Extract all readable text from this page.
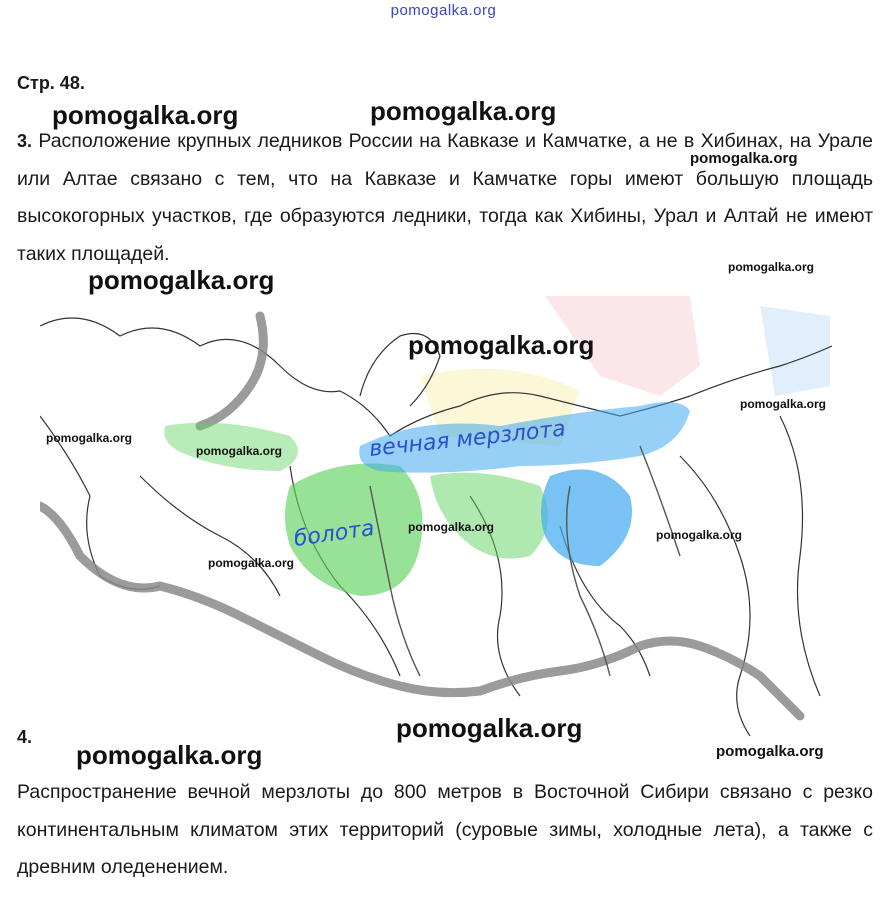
pomogalka.org
Стр. 48.
3. Расположение крупных ледников России на Кавказе и Камчатке, а не в Хибинах, на Урале или Алтае связано с тем, что на Кавказе и Камчатке горы имеют большую площадь высокогорных участков, где образуются ледники, тогда как Хибины, Урал и Алтай не имеют таких площадей.
вечная мерзлота
болота
4.
Распространение вечной мерзлоты до 800 метров в Восточной Сибири связано с резко континентальным климатом этих территорий (суровые зимы, холодные лета), а также с древним оледенением.
pomogalka.org	pomogalka.org
pomogalka.org
pomogalka.org	pomogalka.org
pomogalka.org
pomogalka.org
pomogalka.org
pomogalka.org
pomogalka.org
pomogalka.org
pomogalka.org
pomogalka.org
pomogalka.org	pomogalka.org
